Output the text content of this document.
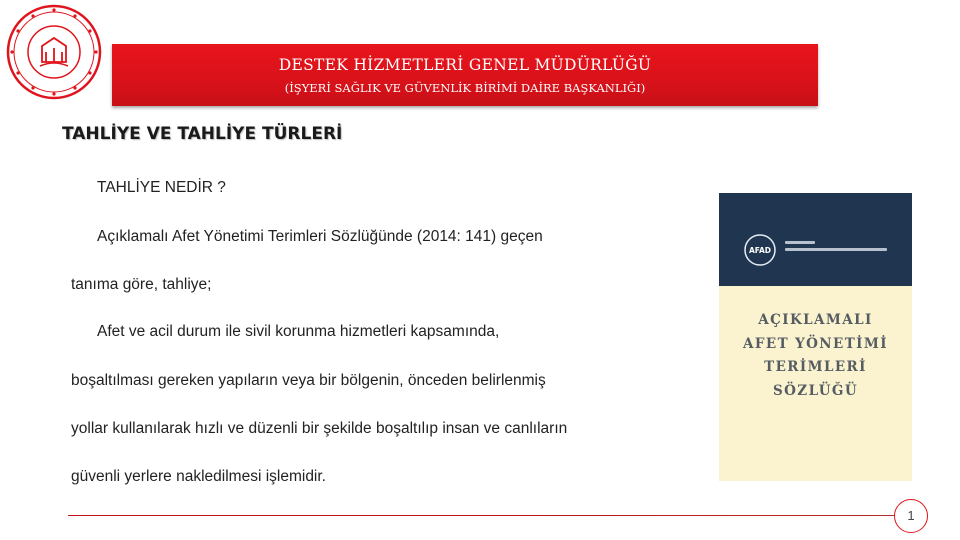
DESTEK HİZMETLERİ GENEL MÜDÜRLÜĞÜ
(İŞYERİ SAĞLIK VE GÜVENLİK BİRİMİ DAİRE BAŞKANLIĞI)
TAHLİYE VE TAHLİYE TÜRLERİ
TAHLİYE NEDİR ?
Açıklamalı Afet Yönetimi Terimleri Sözlüğünde (2014: 141) geçen
tanıma göre, tahliye;
Afet ve acil durum ile sivil korunma hizmetleri kapsamında,
boşaltılması gereken yapıların veya bir bölgenin, önceden belirlenmiş
yollar kullanılarak hızlı ve düzenli bir şekilde boşaltılıp insan ve canlıların
güvenli yerlere nakledilmesi işlemidir.
AFAD
AÇIKLAMALI
AFET YÖNETİMİ
TERİMLERİ
SÖZLÜĞÜ
1
